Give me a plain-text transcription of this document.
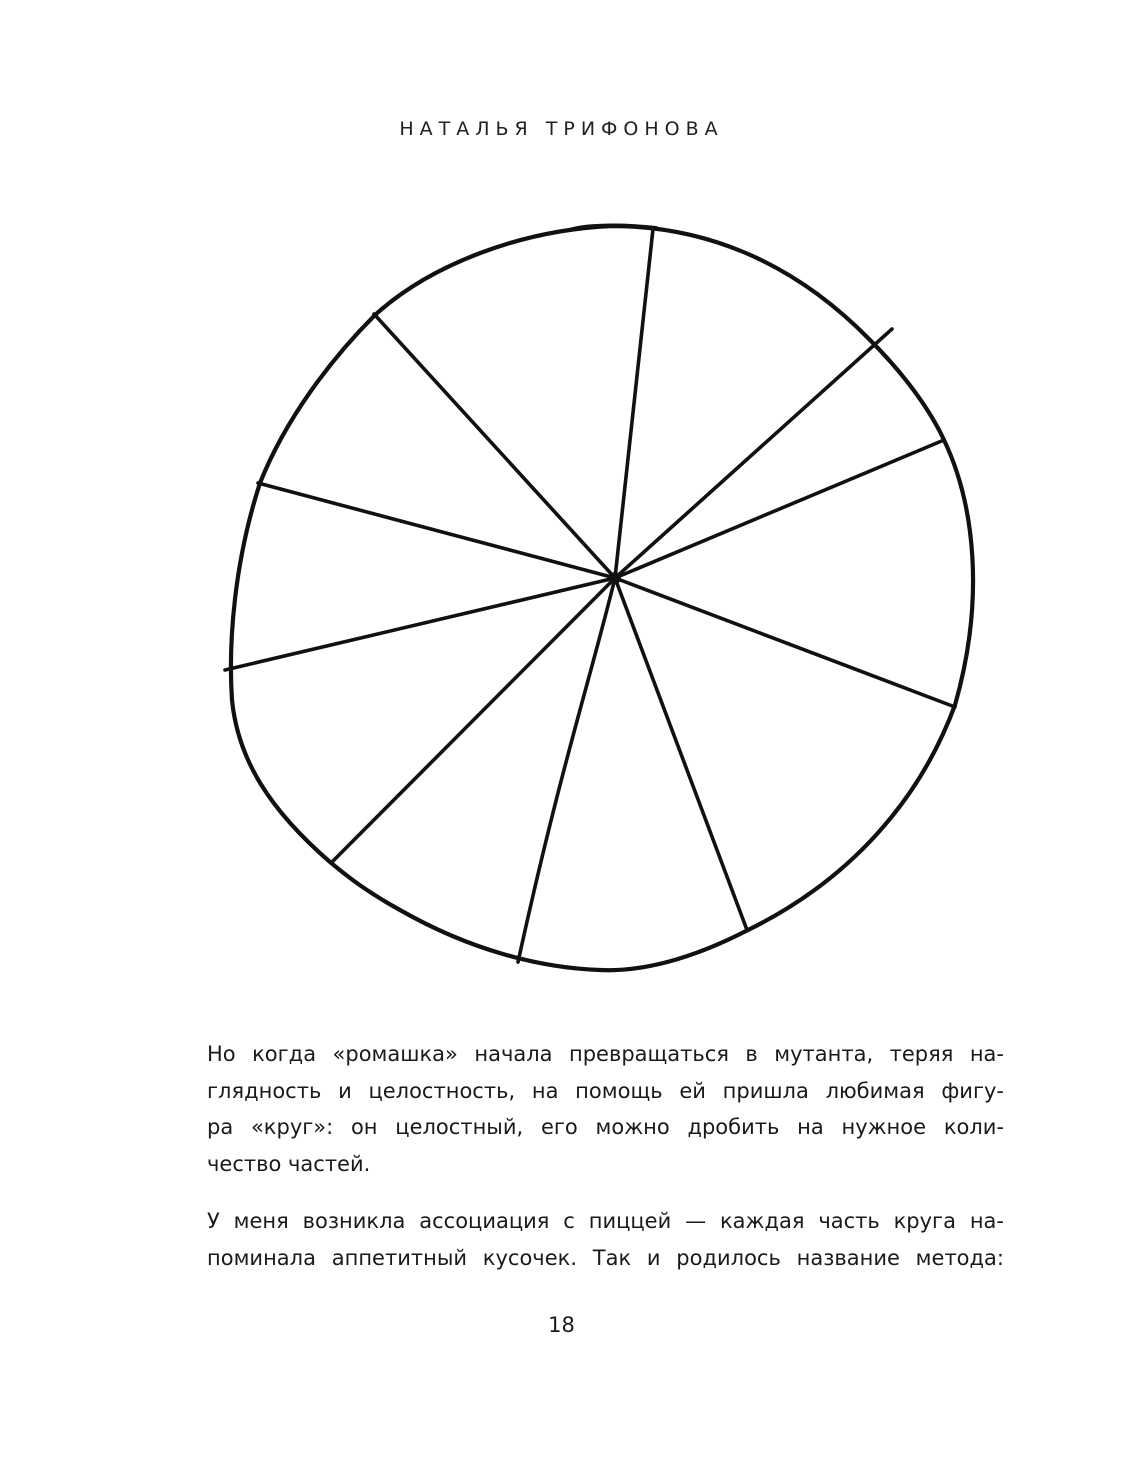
НАТАЛЬЯ ТРИФОНОВА
Но когда «ромашка» начала превращаться в мутанта, теряя на-
глядность и целостность, на помощь ей пришла любимая фигу-
ра «круг»: он целостный, его можно дробить на нужное коли-
чество частей.
У меня возникла ассоциация с пиццей — каждая часть круга на-
поминала аппетитный кусочек. Так и родилось название метода:
18
